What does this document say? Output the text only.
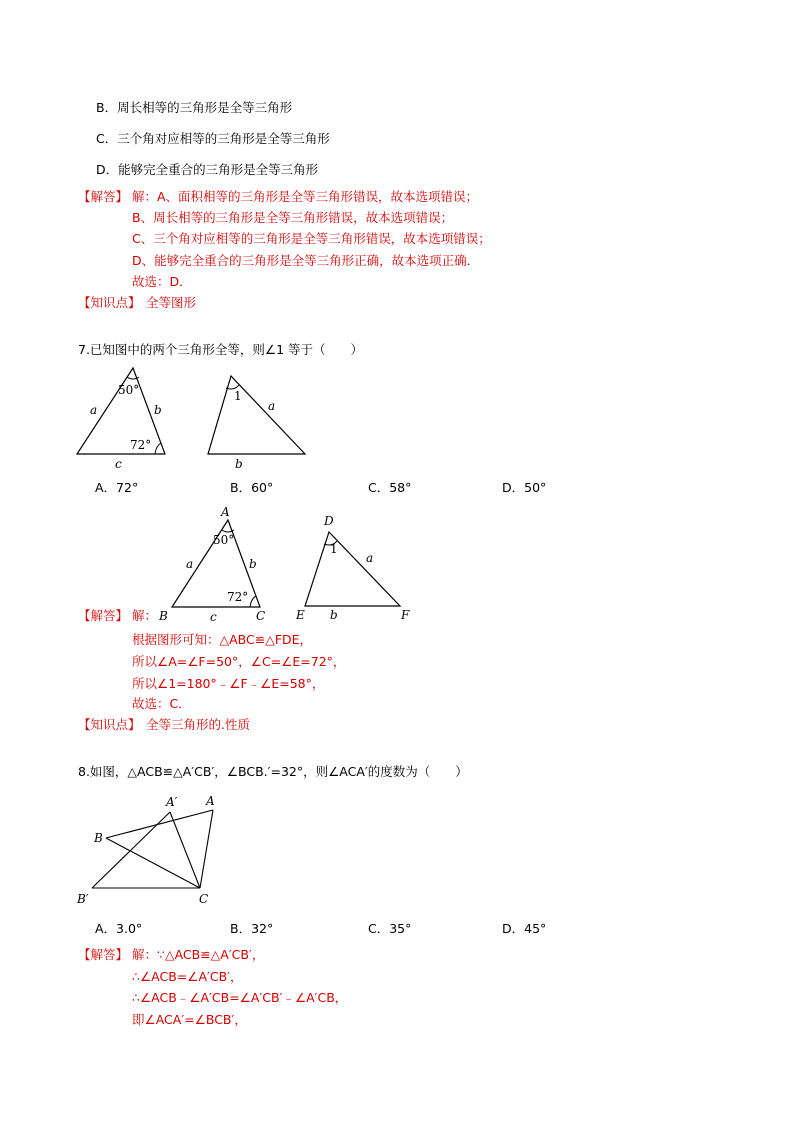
B．周长相等的三角形是全等三角形
C．三个角对应相等的三角形是全等三角形
D．能够完全重合的三角形是全等三角形
【解答】 解：A、面积相等的三角形是全等三角形错误，故本选项错误；
B、周长相等的三角形是全等三角形错误，故本选项错误；
C、三个角对应相等的三角形是全等三角形错误，故本选项错误；
D、能够完全重合的三角形是全等三角形正确，故本选项正确．
故选：D．
【知识点】 全等图形
7.已知图中的两个三角形全等，则∠1 等于（　　）
50°
72°
a	b
c
1
a
b
A．72°	B．60°	C．58°	D．50°
A
50°
72°
a	b
c
B	C
D
1
a
b
E	F
【解答】 解：
根据图形可知：△ABC≌△FDE，
所以∠A=∠F=50°，∠C=∠E=72°，
所以∠1=180°﹣∠F﹣∠E=58°，
故选：C．
【知识点】 全等三角形的.性质
8.如图，△ACB≌△A′CB′，∠BCB.′=32°，则∠ACA′的度数为（　　）
A
A′
B
B′	C
A．3.0°	B．32°	C．35°	D．45°
【解答】 解：∵△ACB≌△A′CB′，
∴∠ACB=∠A′CB′，
∴∠ACB﹣∠A′CB=∠A′CB′﹣∠A′CB，
即∠ACA′=∠BCB′，
